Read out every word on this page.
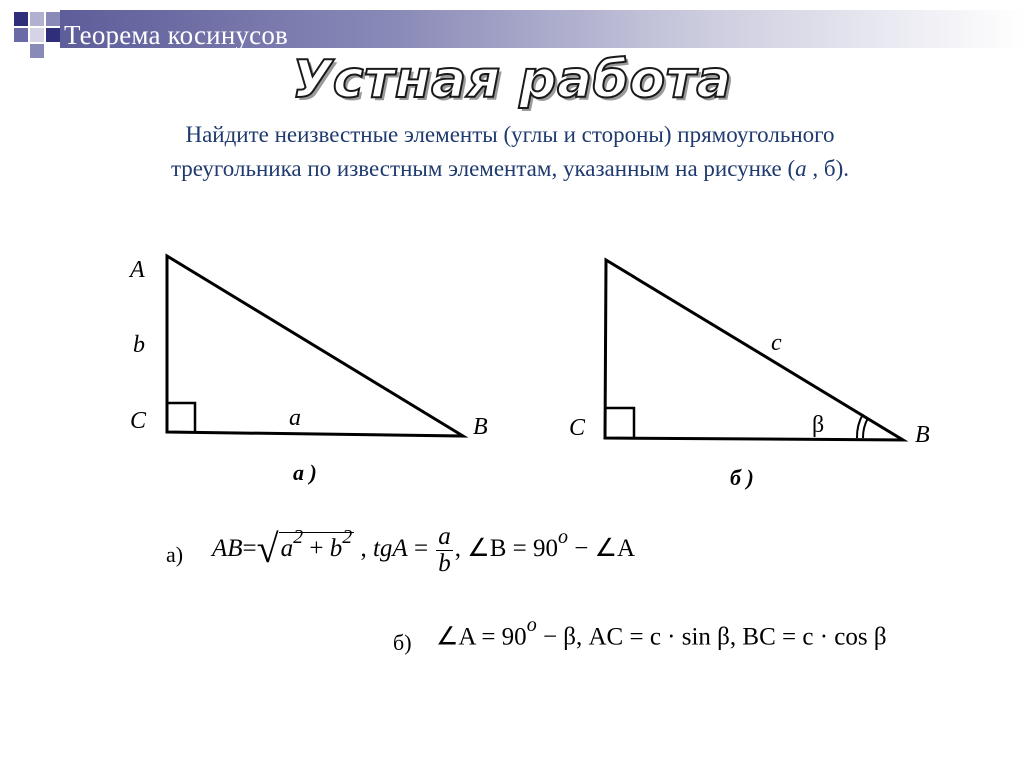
Теорема косинусов
Устная работа
Найдите неизвестные элементы (углы и стороны) прямоугольного
треугольника по известным элементам, указанным на рисунке (а , б).
A
b
C	a	B
а )
C
c
β	B
б )
а) $AB=√a^2 + b^2$ , tgA = $\frac{a}{b}$ , ∠B = $90^o$ − ∠A
б) ∠A = $90^o - \beta$, AC = c · sin β, BC = c · cos β
